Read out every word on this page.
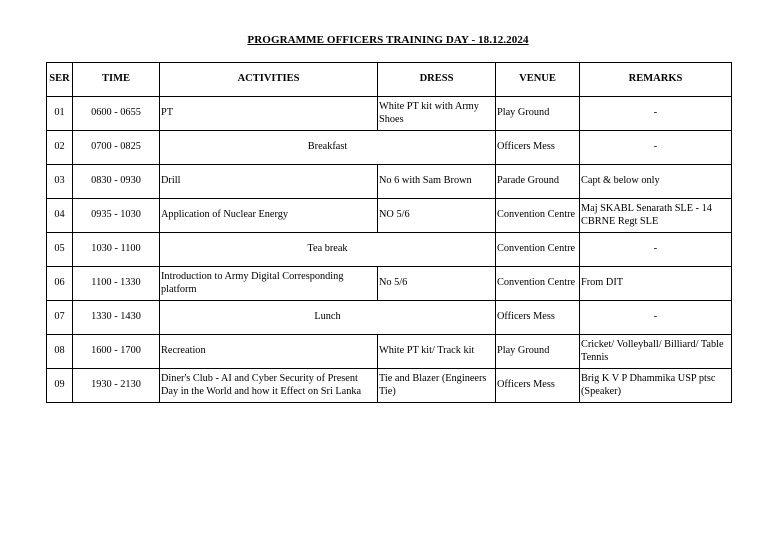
PROGRAMME OFFICERS TRAINING DAY - 18.12.2024
SER	TIME	ACTIVITIES	DRESS	VENUE	REMARKS
01	0600 - 0655	PT	White PT kit with Army Shoes	Play Ground	-
02	0700 - 0825	Breakfast		Officers Mess	-
03	0830 - 0930	Drill	No 6 with Sam Brown	Parade Ground	Capt & below only
04	0935 - 1030	Application of Nuclear Energy	NO 5/6	Convention Centre	Maj SKABL Senarath SLE - 14 CBRNE Regt SLE
05	1030 - 1100	Tea break		Convention Centre	-
06	1100 - 1330	Introduction to Army Digital Corresponding platform	No 5/6	Convention Centre	From DIT
07	1330 - 1430	Lunch		Officers Mess	-
08	1600 - 1700	Recreation	White PT kit/ Track kit	Play Ground	Cricket/ Volleyball/ Billiard/ Table Tennis
09	1930 - 2130	Diner's Club - AI and Cyber Security of Present Day in the World and how it Effect on Sri Lanka	Tie and Blazer (Engineers Tie)	Officers Mess	Brig K V P Dhammika USP ptsc (Speaker)
